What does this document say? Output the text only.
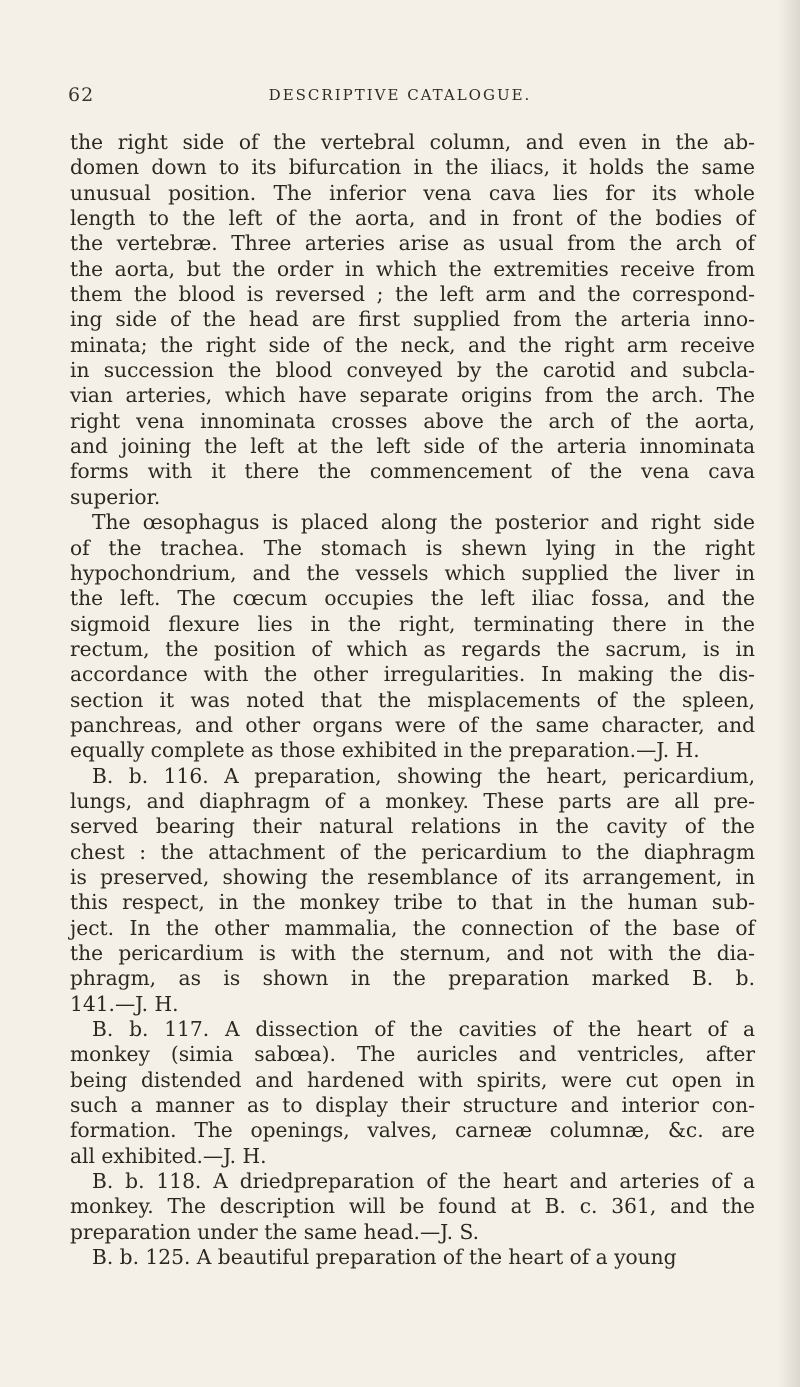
62	DESCRIPTIVE CATALOGUE.
the right side of the vertebral column, and even in the ab-
domen down to its bifurcation in the iliacs, it holds the same
unusual position. The inferior vena cava lies for its whole
length to the left of the aorta, and in front of the bodies of
the vertebræ. Three arteries arise as usual from the arch of
the aorta, but the order in which the extremities receive from
them the blood is reversed ; the left arm and the correspond-
ing side of the head are first supplied from the arteria inno-
minata; the right side of the neck, and the right arm receive
in succession the blood conveyed by the carotid and subcla-
vian arteries, which have separate origins from the arch. The
right vena innominata crosses above the arch of the aorta,
and joining the left at the left side of the arteria innominata
forms with it there the commencement of the vena cava
superior.
The œsophagus is placed along the posterior and right side
of the trachea. The stomach is shewn lying in the right
hypochondrium, and the vessels which supplied the liver in
the left. The cœcum occupies the left iliac fossa, and the
sigmoid flexure lies in the right, terminating there in the
rectum, the position of which as regards the sacrum, is in
accordance with the other irregularities. In making the dis-
section it was noted that the misplacements of the spleen,
panchreas, and other organs were of the same character, and
equally complete as those exhibited in the preparation.—J. H.
B. b. 116. A preparation, showing the heart, pericardium,
lungs, and diaphragm of a monkey. These parts are all pre-
served bearing their natural relations in the cavity of the
chest : the attachment of the pericardium to the diaphragm
is preserved, showing the resemblance of its arrangement, in
this respect, in the monkey tribe to that in the human sub-
ject. In the other mammalia, the connection of the base of
the pericardium is with the sternum, and not with the dia-
phragm, as is shown in the preparation marked B. b.
141.—J. H.
B. b. 117. A dissection of the cavities of the heart of a
monkey (simia sabœa). The auricles and ventricles, after
being distended and hardened with spirits, were cut open in
such a manner as to display their structure and interior con-
formation. The openings, valves, carneæ columnæ, &c. are
all exhibited.—J. H.
B. b. 118. A driedpreparation of the heart and arteries of a
monkey. The description will be found at B. c. 361, and the
preparation under the same head.—J. S.
B. b. 125. A beautiful preparation of the heart of a young
